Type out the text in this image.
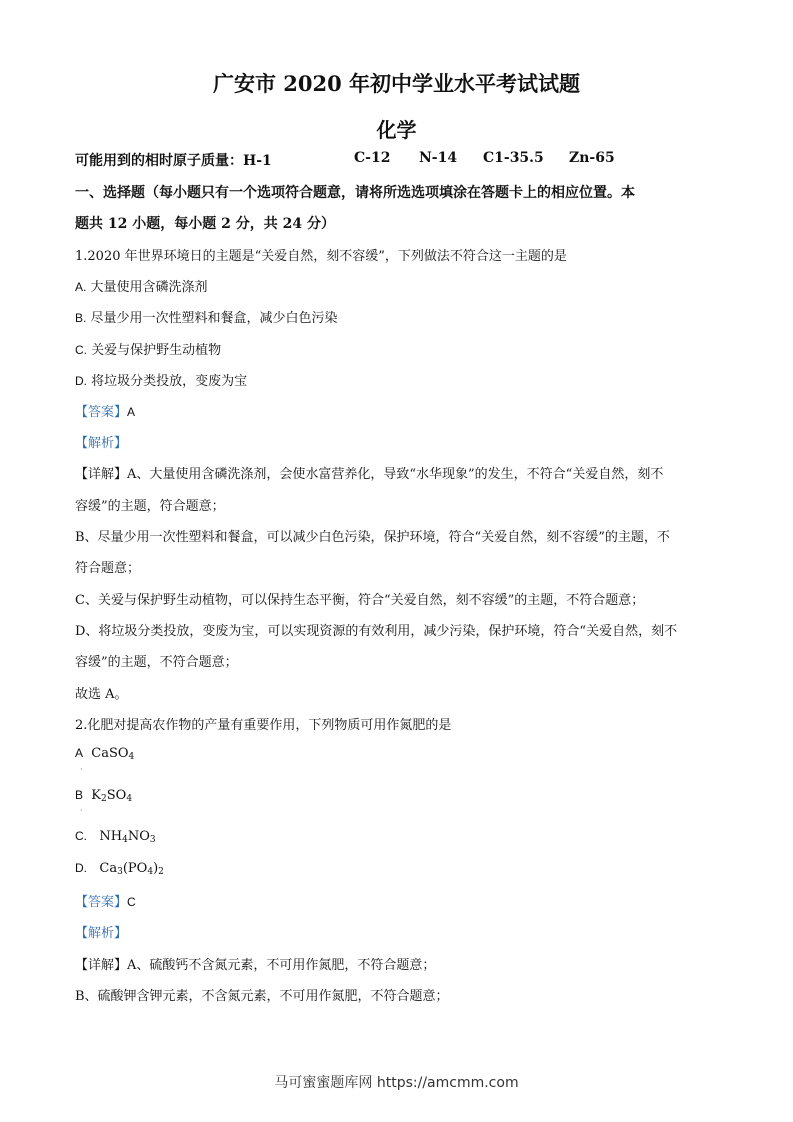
广安市 2020 年初中学业水平考试试题
化学
可能用到的相时原子质量：H-1	C-12 N-14 C1-35.5 Zn-65
一、选择题（每小题只有一个选项符合题意，请将所选选项填涂在答题卡上的相应位置。本
题共 12 小题，每小题 2 分，共 24 分）
1.2020 年世界环境日的主题是“关爱自然，刻不容缓”，下列做法不符合这一主题的是
A. 大量使用含磷洗涤剂
B. 尽量少用一次性塑料和餐盒，减少白色污染
C. 关爱与保护野生动植物
D. 将垃圾分类投放，变废为宝
【答案】A
【解析】
【详解】A、大量使用含磷洗涤剂，会使水富营养化，导致“水华现象”的发生，不符合“关爱自然，刻不
容缓”的主题，符合题意；
B、尽量少用一次性塑料和餐盒，可以减少白色污染，保护环境，符合“关爱自然，刻不容缓”的主题，不
符合题意；
C、关爱与保护野生动植物，可以保持生态平衡，符合“关爱自然，刻不容缓”的主题，不符合题意；
D、将垃圾分类投放，变废为宝，可以实现资源的有效利用，减少污染，保护环境，符合“关爱自然，刻不
容缓”的主题，不符合题意；
故选 A。
2.化肥对提高农作物的产量有重要作用，下列物质可用作氮肥的是
A CaSO$_4$
·
B $K_2SO_4$
·
C. $NH_4NO_3$
D. $Ca_3(PO_4)_2$
【答案】C
【解析】
【详解】A、硫酸钙不含氮元素，不可用作氮肥，不符合题意；
B、硫酸钾含钾元素，不含氮元素，不可用作氮肥，不符合题意；
马可蜜蜜题库网 https://amcmm.com
